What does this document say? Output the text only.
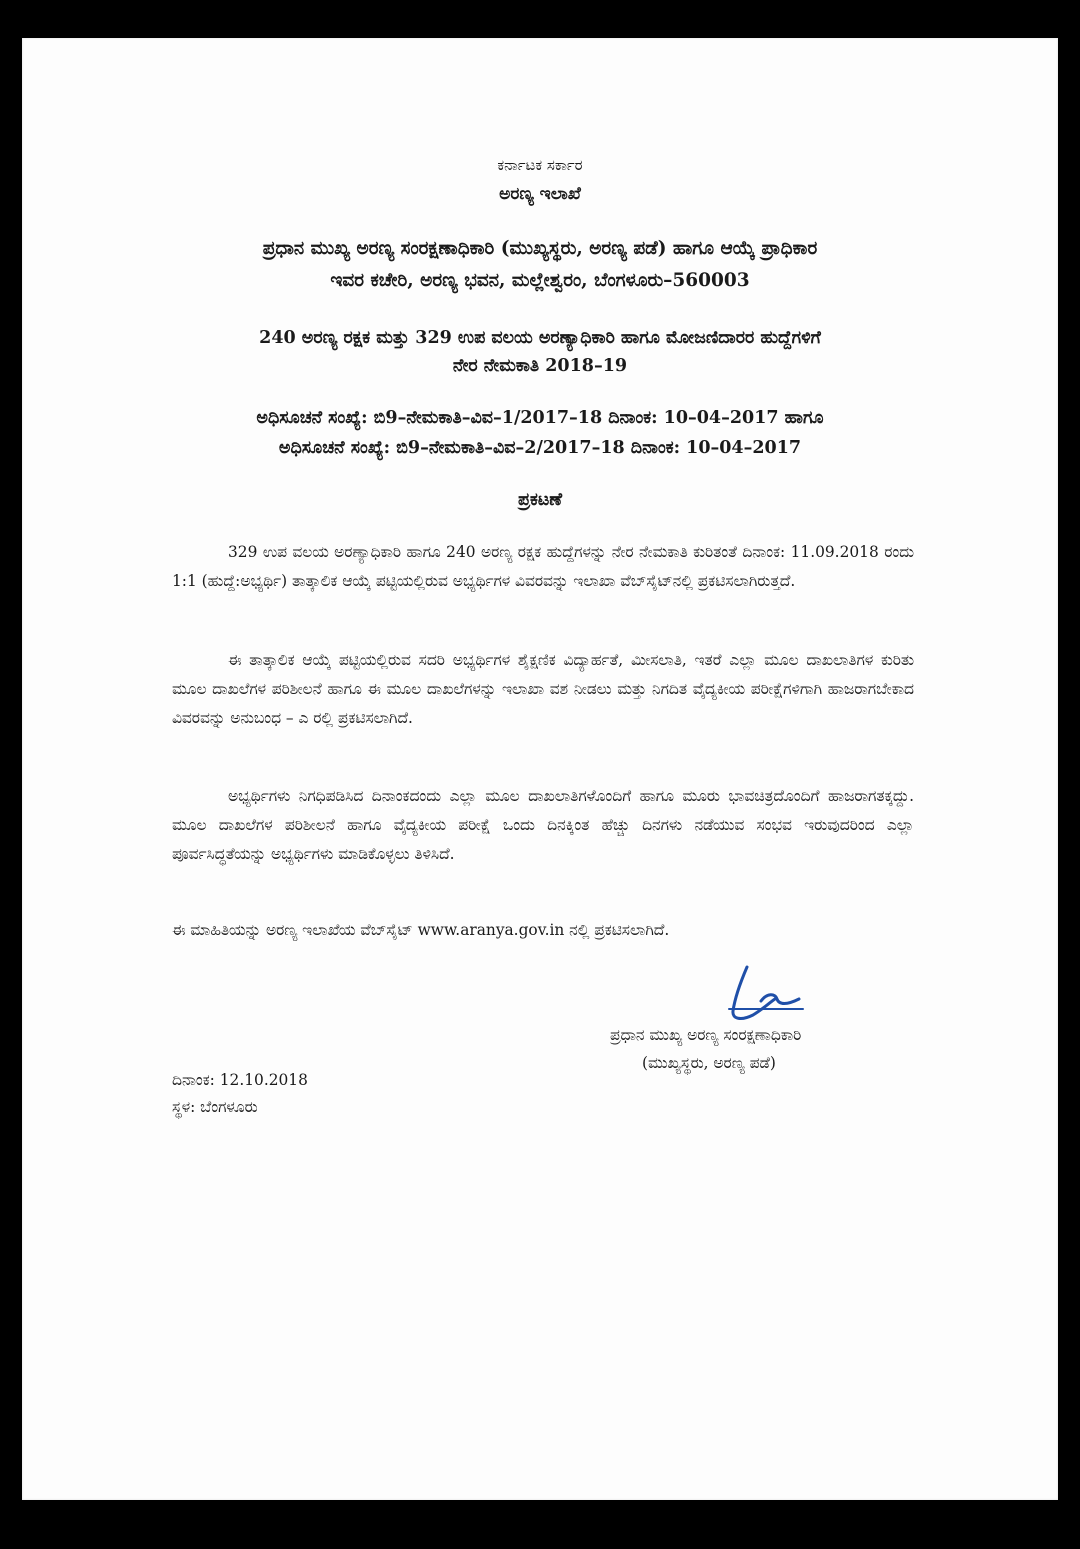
ಕರ್ನಾಟಕ ಸರ್ಕಾರ
ಅರಣ್ಯ ಇಲಾಖೆ
ಪ್ರಧಾನ ಮುಖ್ಯ ಅರಣ್ಯ ಸಂರಕ್ಷಣಾಧಿಕಾರಿ (ಮುಖ್ಯಸ್ಥರು, ಅರಣ್ಯ ಪಡೆ) ಹಾಗೂ ಆಯ್ಕೆ ಪ್ರಾಧಿಕಾರ
ಇವರ ಕಚೇರಿ, ಅರಣ್ಯ ಭವನ, ಮಲ್ಲೇಶ್ವರಂ, ಬೆಂಗಳೂರು–560003
240 ಅರಣ್ಯ ರಕ್ಷಕ ಮತ್ತು 329 ಉಪ ವಲಯ ಅರಣ್ಯಾಧಿಕಾರಿ ಹಾಗೂ ಮೋಜಣಿದಾರರ ಹುದ್ದೆಗಳಿಗೆ
ನೇರ ನೇಮಕಾತಿ 2018–19
ಅಧಿಸೂಚನೆ ಸಂಖ್ಯೆ: ಬಿ9–ನೇಮಕಾತಿ–ವಿವ–1/2017–18 ದಿನಾಂಕ: 10–04–2017 ಹಾಗೂ
ಅಧಿಸೂಚನೆ ಸಂಖ್ಯೆ: ಬಿ9–ನೇಮಕಾತಿ–ವಿವ–2/2017–18 ದಿನಾಂಕ: 10–04–2017
ಪ್ರಕಟಣೆ
329 ಉಪ ವಲಯ ಅರಣ್ಯಾಧಿಕಾರಿ ಹಾಗೂ 240 ಅರಣ್ಯ ರಕ್ಷಕ ಹುದ್ದೆಗಳನ್ನು ನೇರ ನೇಮಕಾತಿ ಕುರಿತಂತೆ ದಿನಾಂಕ: 11.09.2018 ರಂದು 1:1 (ಹುದ್ದೆ:ಅಭ್ಯರ್ಥಿ) ತಾತ್ಕಾಲಿಕ ಆಯ್ಕೆ ಪಟ್ಟಿಯಲ್ಲಿರುವ ಅಭ್ಯರ್ಥಿಗಳ ವಿವರವನ್ನು ಇಲಾಖಾ ವೆಬ್‌ಸೈಟ್‌ನಲ್ಲಿ ಪ್ರಕಟಿಸಲಾಗಿರುತ್ತದೆ.
ಈ ತಾತ್ಕಾಲಿಕ ಆಯ್ಕೆ ಪಟ್ಟಿಯಲ್ಲಿರುವ ಸದರಿ ಅಭ್ಯರ್ಥಿಗಳ ಶೈಕ್ಷಣಿಕ ವಿದ್ಯಾರ್ಹತೆ, ಮೀಸಲಾತಿ, ಇತರೆ ಎಲ್ಲಾ ಮೂಲ ದಾಖಲಾತಿಗಳ ಕುರಿತು ಮೂಲ ದಾಖಲೆಗಳ ಪರಿಶೀಲನೆ ಹಾಗೂ ಈ ಮೂಲ ದಾಖಲೆಗಳನ್ನು ಇಲಾಖಾ ವಶ ನೀಡಲು ಮತ್ತು ನಿಗದಿತ ವೈದ್ಯಕೀಯ ಪರೀಕ್ಷೆಗಳಿಗಾಗಿ ಹಾಜರಾಗಬೇಕಾದ ವಿವರವನ್ನು ಅನುಬಂಧ – ಎ ರಲ್ಲಿ ಪ್ರಕಟಿಸಲಾಗಿದೆ.
ಅಭ್ಯರ್ಥಿಗಳು ನಿಗಧಿಪಡಿಸಿದ ದಿನಾಂಕದಂದು ಎಲ್ಲಾ ಮೂಲ ದಾಖಲಾತಿಗಳೊಂದಿಗೆ ಹಾಗೂ ಮೂರು ಭಾವಚಿತ್ರದೊಂದಿಗೆ ಹಾಜರಾಗತಕ್ಕದ್ದು. ಮೂಲ ದಾಖಲೆಗಳ ಪರಿಶೀಲನೆ ಹಾಗೂ ವೈದ್ಯಕೀಯ ಪರೀಕ್ಷೆ ಒಂದು ದಿನಕ್ಕಿಂತ ಹೆಚ್ಚು ದಿನಗಳು ನಡೆಯುವ ಸಂಭವ ಇರುವುದರಿಂದ ಎಲ್ಲಾ ಪೂರ್ವಸಿದ್ಧತೆಯನ್ನು ಅಭ್ಯರ್ಥಿಗಳು ಮಾಡಿಕೊಳ್ಳಲು ತಿಳಿಸಿದೆ.
ಈ ಮಾಹಿತಿಯನ್ನು ಅರಣ್ಯ ಇಲಾಖೆಯ ವೆಬ್‌ಸೈಟ್ www.aranya.gov.in ನಲ್ಲಿ ಪ್ರಕಟಿಸಲಾಗಿದೆ.
ಪ್ರಧಾನ ಮುಖ್ಯ ಅರಣ್ಯ ಸಂರಕ್ಷಣಾಧಿಕಾರಿ
(ಮುಖ್ಯಸ್ಥರು, ಅರಣ್ಯ ಪಡೆ)
ದಿನಾಂಕ: 12.10.2018
ಸ್ಥಳ: ಬೆಂಗಳೂರು
